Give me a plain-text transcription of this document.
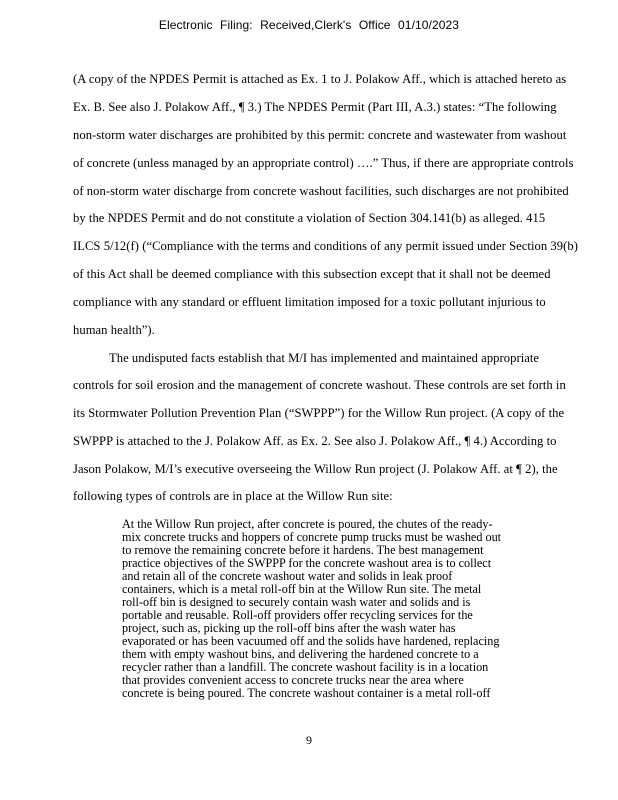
Electronic Filing: Received,Clerk's Office 01/10/2023
(A copy of the NPDES Permit is attached as Ex. 1 to J. Polakow Aff., which is attached hereto as
Ex. B. See also J. Polakow Aff., ¶ 3.) The NPDES Permit (Part III, A.3.) states: “The following
non-storm water discharges are prohibited by this permit: concrete and wastewater from washout
of concrete (unless managed by an appropriate control) ….” Thus, if there are appropriate controls
of non-storm water discharge from concrete washout facilities, such discharges are not prohibited
by the NPDES Permit and do not constitute a violation of Section 304.141(b) as alleged. 415
ILCS 5/12(f) (“Compliance with the terms and conditions of any permit issued under Section 39(b)
of this Act shall be deemed compliance with this subsection except that it shall not be deemed
compliance with any standard or effluent limitation imposed for a toxic pollutant injurious to
human health”).
The undisputed facts establish that M/I has implemented and maintained appropriate
controls for soil erosion and the management of concrete washout. These controls are set forth in
its Stormwater Pollution Prevention Plan (“SWPPP”) for the Willow Run project. (A copy of the
SWPPP is attached to the J. Polakow Aff. as Ex. 2. See also J. Polakow Aff., ¶ 4.) According to
Jason Polakow, M/I’s executive overseeing the Willow Run project (J. Polakow Aff. at ¶ 2), the
following types of controls are in place at the Willow Run site:
At the Willow Run project, after concrete is poured, the chutes of the ready-
mix concrete trucks and hoppers of concrete pump trucks must be washed out
to remove the remaining concrete before it hardens. The best management
practice objectives of the SWPPP for the concrete washout area is to collect
and retain all of the concrete washout water and solids in leak proof
containers, which is a metal roll-off bin at the Willow Run site. The metal
roll-off bin is designed to securely contain wash water and solids and is
portable and reusable. Roll-off providers offer recycling services for the
project, such as, picking up the roll-off bins after the wash water has
evaporated or has been vacuumed off and the solids have hardened, replacing
them with empty washout bins, and delivering the hardened concrete to a
recycler rather than a landfill. The concrete washout facility is in a location
that provides convenient access to concrete trucks near the area where
concrete is being poured. The concrete washout container is a metal roll-off
9
